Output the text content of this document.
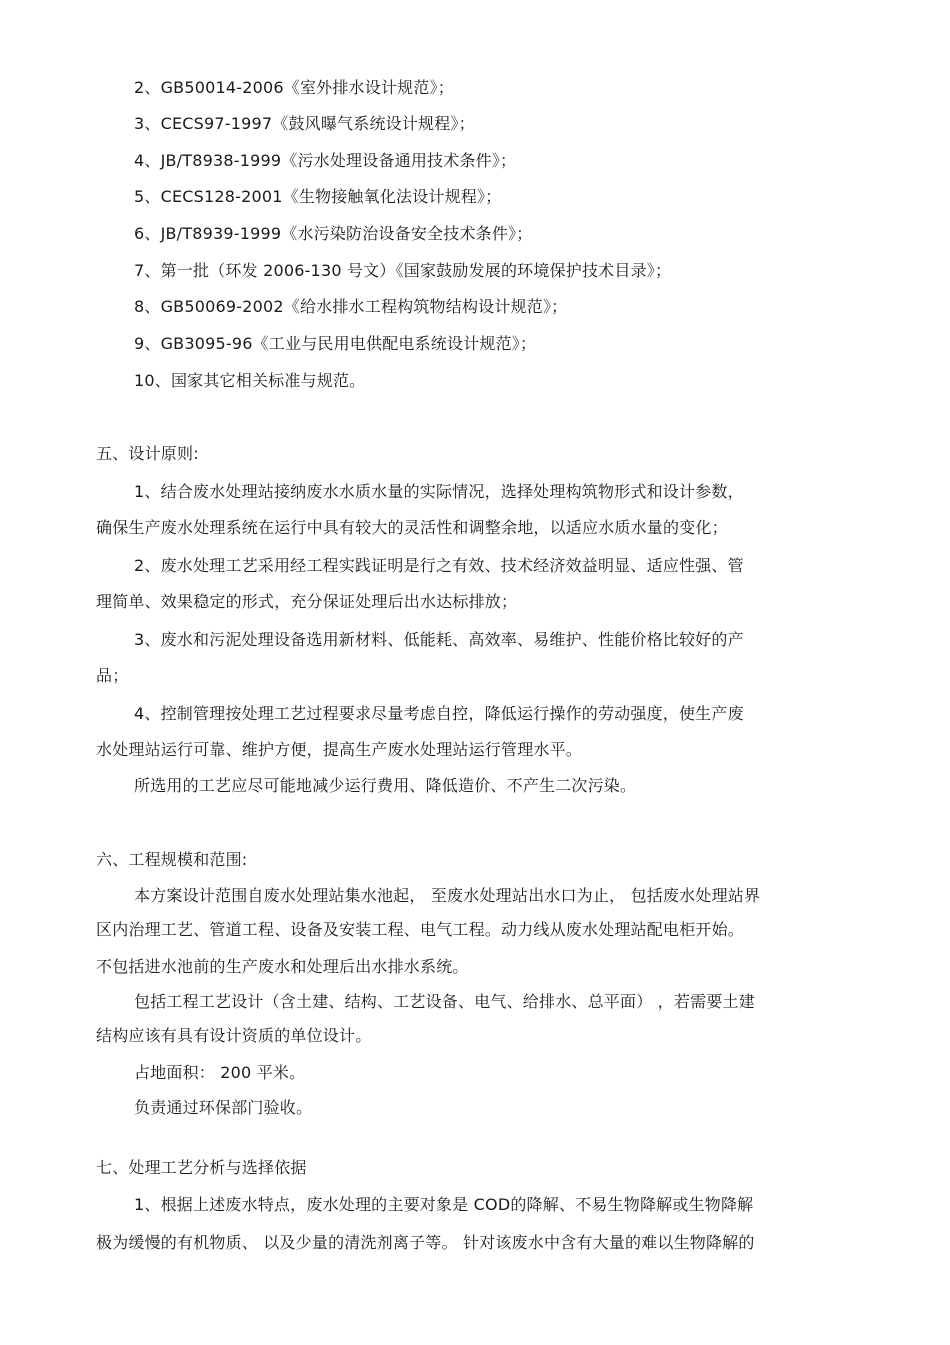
2、GB50014-2006《室外排水设计规范》；
3、CECS97-1997《鼓风曝气系统设计规程》；
4、JB/T8938-1999《污水处理设备通用技术条件》；
5、CECS128-2001《生物接触氧化法设计规程》；
6、JB/T8939-1999《水污染防治设备安全技术条件》；
7、第一批（环发 2006-130 号文）《国家鼓励发展的环境保护技术目录》；
8、GB50069-2002《给水排水工程构筑物结构设计规范》；
9、GB3095-96《工业与民用电供配电系统设计规范》；
10、国家其它相关标准与规范。
五、设计原则:
1、结合废水处理站接纳废水水质水量的实际情况，选择处理构筑物形式和设计参数，
确保生产废水处理系统在运行中具有较大的灵活性和调整余地，以适应水质水量的变化；
2、废水处理工艺采用经工程实践证明是行之有效、技术经济效益明显、适应性强、管
理简单、效果稳定的形式，充分保证处理后出水达标排放；
3、废水和污泥处理设备选用新材料、低能耗、高效率、易维护、性能价格比较好的产
品；
4、控制管理按处理工艺过程要求尽量考虑自控，降低运行操作的劳动强度，使生产废
水处理站运行可靠、维护方便，提高生产废水处理站运行管理水平。
所选用的工艺应尽可能地减少运行费用、降低造价、不产生二次污染。
六、工程规模和范围:
本方案设计范围自废水处理站集水池起， 至废水处理站出水口为止， 包括废水处理站界
区内治理工艺、管道工程、设备及安装工程、电气工程。动力线从废水处理站配电柜开始。
不包括进水池前的生产废水和处理后出水排水系统。
包括工程工艺设计（含土建、结构、工艺设备、电气、给排水、总平面） ，若需要土建
结构应该有具有设计资质的单位设计。
占地面积： 200 平米。
负责通过环保部门验收。
七、处理工艺分析与选择依据
1、根据上述废水特点，废水处理的主要对象是 COD的降解、不易生物降解或生物降解
极为缓慢的有机物质、 以及少量的清洗剂离子等。 针对该废水中含有大量的难以生物降解的
